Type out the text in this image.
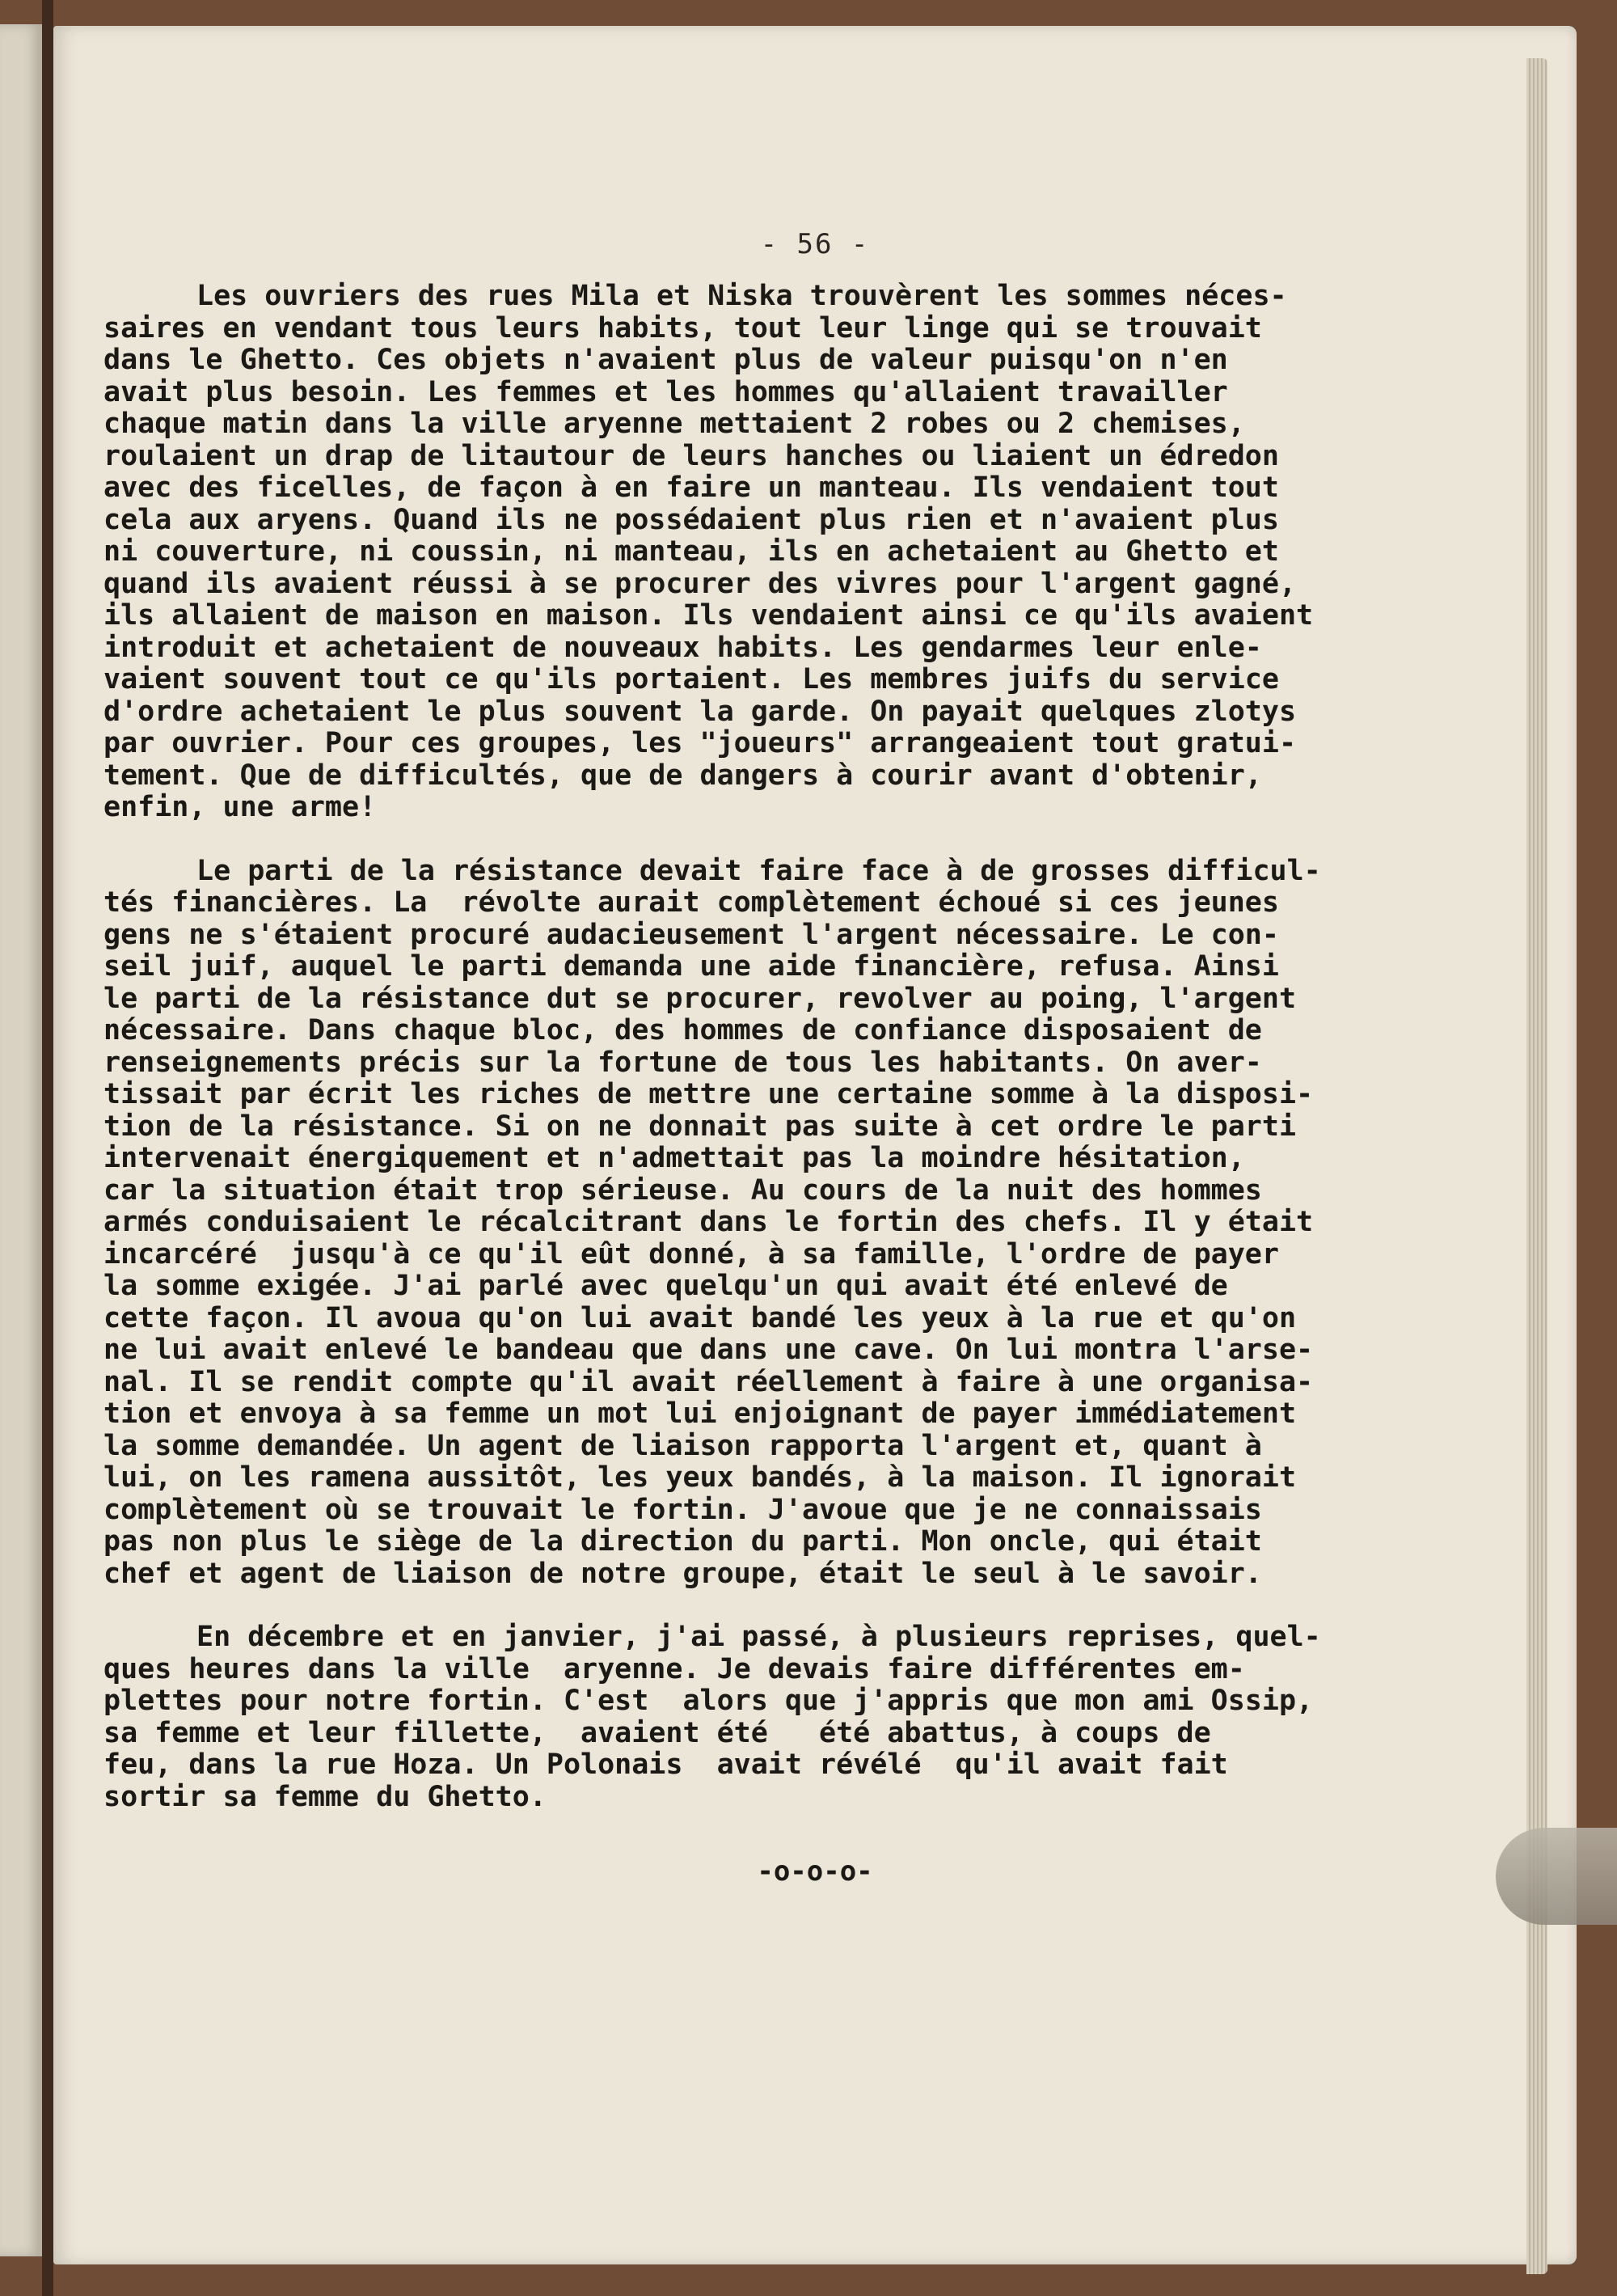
- 56 -
Les ouvriers des rues Mila et Niska trouvèrent les sommes néces-
saires en vendant tous leurs habits, tout leur linge qui se trouvait
dans le Ghetto. Ces objets n'avaient plus de valeur puisqu'on n'en
avait plus besoin. Les femmes et les hommes qu'allaient travailler
chaque matin dans la ville aryenne mettaient 2 robes ou 2 chemises,
roulaient un drap de litautour de leurs hanches ou liaient un édredon
avec des ficelles, de façon à en faire un manteau. Ils vendaient tout
cela aux aryens. Quand ils ne possédaient plus rien et n'avaient plus
ni couverture, ni coussin, ni manteau, ils en achetaient au Ghetto et
quand ils avaient réussi à se procurer des vivres pour l'argent gagné,
ils allaient de maison en maison. Ils vendaient ainsi ce qu'ils avaient
introduit et achetaient de nouveaux habits. Les gendarmes leur enle-
vaient souvent tout ce qu'ils portaient. Les membres juifs du service
d'ordre achetaient le plus souvent la garde. On payait quelques zlotys
par ouvrier. Pour ces groupes, les "joueurs" arrangeaient tout gratui-
tement. Que de difficultés, que de dangers à courir avant d'obtenir,
enfin, une arme!
Le parti de la résistance devait faire face à de grosses difficul-
tés financières. La  révolte aurait complètement échoué si ces jeunes
gens ne s'étaient procuré audacieusement l'argent nécessaire. Le con-
seil juif, auquel le parti demanda une aide financière, refusa. Ainsi
le parti de la résistance dut se procurer, revolver au poing, l'argent
nécessaire. Dans chaque bloc, des hommes de confiance disposaient de
renseignements précis sur la fortune de tous les habitants. On aver-
tissait par écrit les riches de mettre une certaine somme à la disposi-
tion de la résistance. Si on ne donnait pas suite à cet ordre le parti
intervenait énergiquement et n'admettait pas la moindre hésitation,
car la situation était trop sérieuse. Au cours de la nuit des hommes
armés conduisaient le récalcitrant dans le fortin des chefs. Il y était
incarcéré  jusqu'à ce qu'il eût donné, à sa famille, l'ordre de payer
la somme exigée. J'ai parlé avec quelqu'un qui avait été enlevé de
cette façon. Il avoua qu'on lui avait bandé les yeux à la rue et qu'on
ne lui avait enlevé le bandeau que dans une cave. On lui montra l'arse-
nal. Il se rendit compte qu'il avait réellement à faire à une organisa-
tion et envoya à sa femme un mot lui enjoignant de payer immédiatement
la somme demandée. Un agent de liaison rapporta l'argent et, quant à
lui, on les ramena aussitôt, les yeux bandés, à la maison. Il ignorait
complètement où se trouvait le fortin. J'avoue que je ne connaissais
pas non plus le siège de la direction du parti. Mon oncle, qui était
chef et agent de liaison de notre groupe, était le seul à le savoir.
En décembre et en janvier, j'ai passé, à plusieurs reprises, quel-
ques heures dans la ville  aryenne. Je devais faire différentes em-
plettes pour notre fortin. C'est  alors que j'appris que mon ami Ossip,
sa femme et leur fillette,  avaient été   été abattus, à coups de
feu, dans la rue Hoza. Un Polonais  avait révélé  qu'il avait fait
sortir sa femme du Ghetto.
-o-o-o-
